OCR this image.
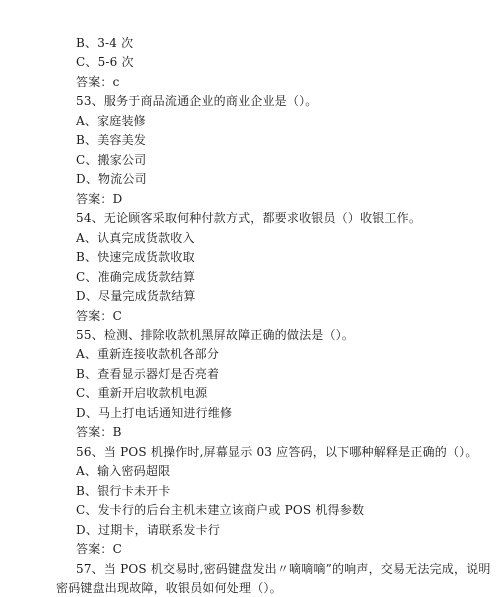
B、3-4 次
C、5-6 次
答案：c
53、服务于商品流通企业的商业企业是（）。
A、家庭装修
B、美容美发
C、搬家公司
D、物流公司
答案：D
54、无论顾客采取何种付款方式，都要求收银员（）收银工作。
A、认真完成货款收入
B、快速完成货款收取
C、准确完成货款结算
D、尽量完成货款结算
答案：C
55、检测、排除收款机黑屏故障正确的做法是（）。
A、重新连接收款机各部分
B、查看显示器灯是否亮着
C、重新开启收款机电源
D、马上打电话通知进行维修
答案：B
56、当 POS 机操作时,屏幕显示 03 应答码，以下哪种解释是正确的（）。
A、输入密码超限
B、银行卡未开卡
C、发卡行的后台主机未建立该商户或 POS 机得参数
D、过期卡，请联系发卡行
答案：C
57、当 POS 机交易时,密码键盘发出〃嘀嘀嘀”的响声，交易无法完成，说明
密码键盘出现故障，收银员如何处理（）。
